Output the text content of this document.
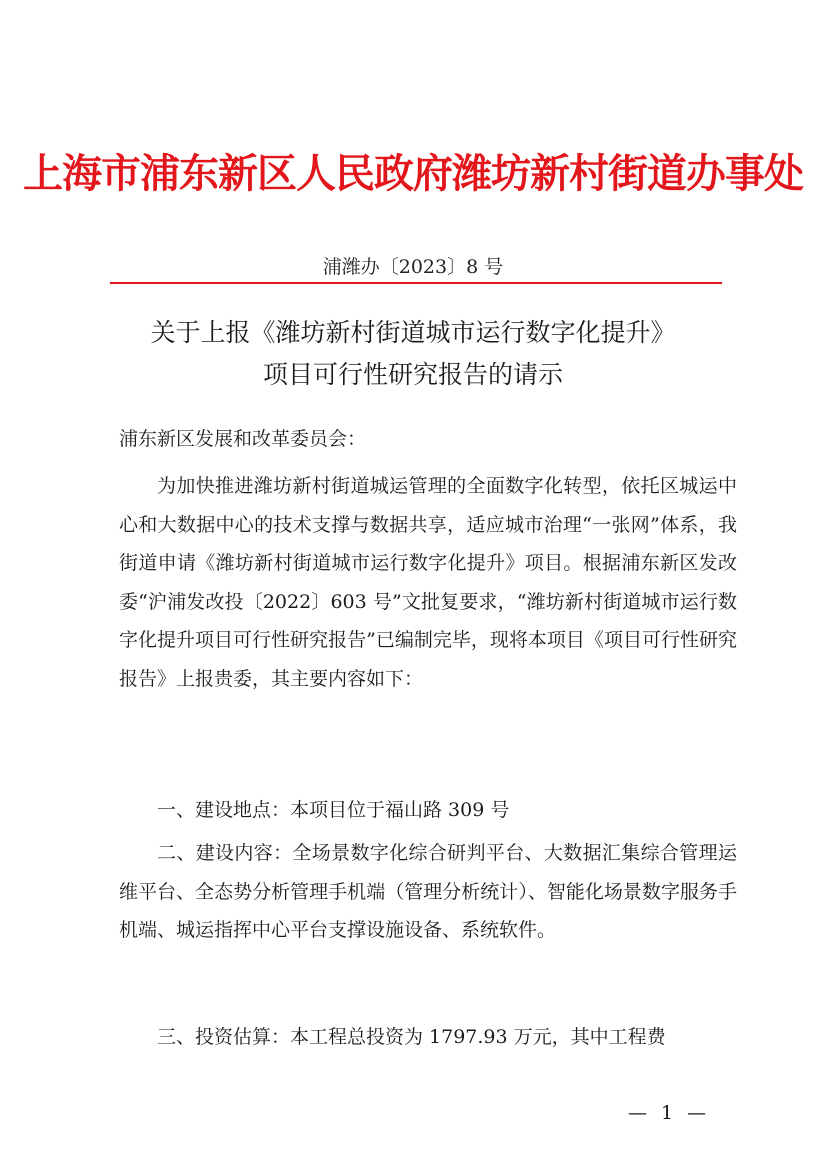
上海市浦东新区人民政府潍坊新村街道办事处
浦潍办〔2023〕8 号
关于上报《潍坊新村街道城市运行数字化提升》
项目可行性研究报告的请示
浦东新区发展和改革委员会：
为加快推进潍坊新村街道城运管理的全面数字化转型，依托区城运中心和大数据中心的技术支撑与数据共享，适应城市治理“一张网”体系，我街道申请《潍坊新村街道城市运行数字化提升》项目。根据浦东新区发改委“沪浦发改投〔2022〕603 号”文批复要求，“潍坊新村街道城市运行数字化提升项目可行性研究报告”已编制完毕，现将本项目《项目可行性研究报告》上报贵委，其主要内容如下：
一、建设地点：本项目位于福山路 309 号
二、建设内容：全场景数字化综合研判平台、大数据汇集综合管理运维平台、全态势分析管理手机端（管理分析统计）、智能化场景数字服务手机端、城运指挥中心平台支撑设施设备、系统软件。
三、投资估算：本工程总投资为 1797.93 万元，其中工程费
— 1 —
